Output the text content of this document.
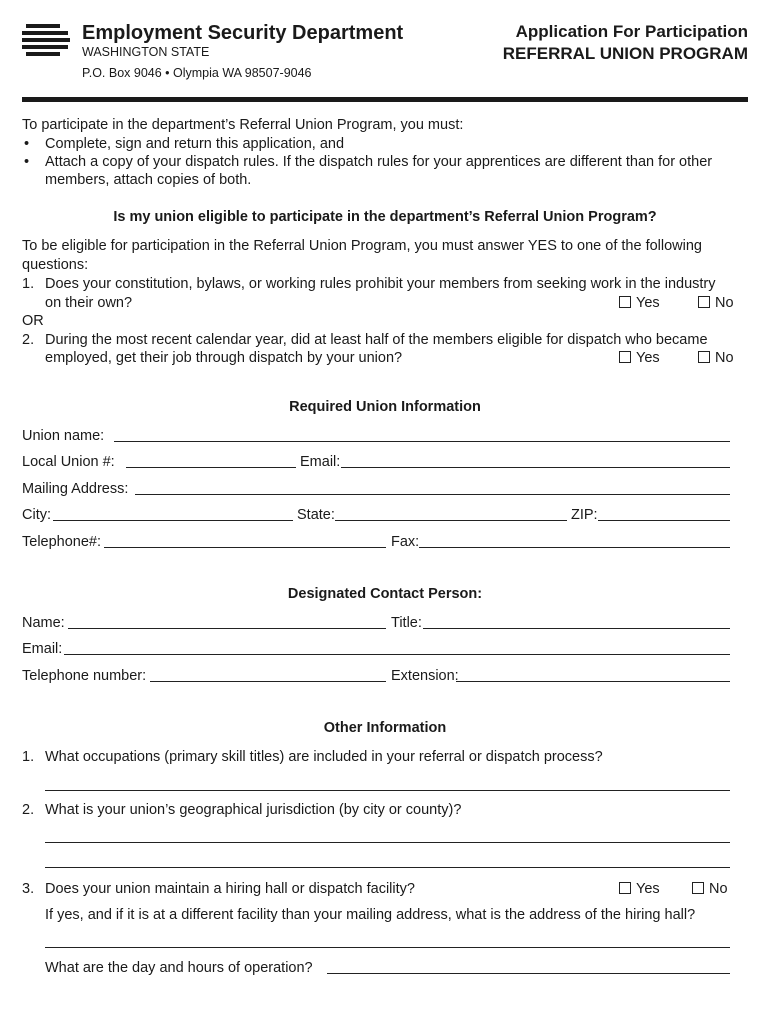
Employment Security Department
WASHINGTON STATE
P.O. Box 9046 • Olympia WA 98507-9046
Application For Participation
REFERRAL UNION PROGRAM
To participate in the department’s Referral Union Program, you must:
• Complete, sign and return this application, and
• Attach a copy of your dispatch rules. If the dispatch rules for your apprentices are different than for other
members, attach copies of both.
Is my union eligible to participate in the department’s Referral Union Program?
To be eligible for participation in the Referral Union Program, you must answer YES to one of the following
questions:
1. Does your constitution, bylaws, or working rules prohibit your members from seeking work in the industry
on their own?	Yes	No
OR
2. During the most recent calendar year, did at least half of the members eligible for dispatch who became
employed, get their job through dispatch by your union?	Yes	No
Required Union Information
Union name:
Local Union #:	Email:
Mailing Address:
City:	State:	ZIP:
Telephone#:	Fax:
Designated Contact Person:
Name:	Title:
Email:
Telephone number:	Extension:
Other Information
1. What occupations (primary skill titles) are included in your referral or dispatch process?
2. What is your union’s geographical jurisdiction (by city or county)?
3. Does your union maintain a hiring hall or dispatch facility?	Yes	No
If yes, and if it is at a different facility than your mailing address, what is the address of the hiring hall?
What are the day and hours of operation?
